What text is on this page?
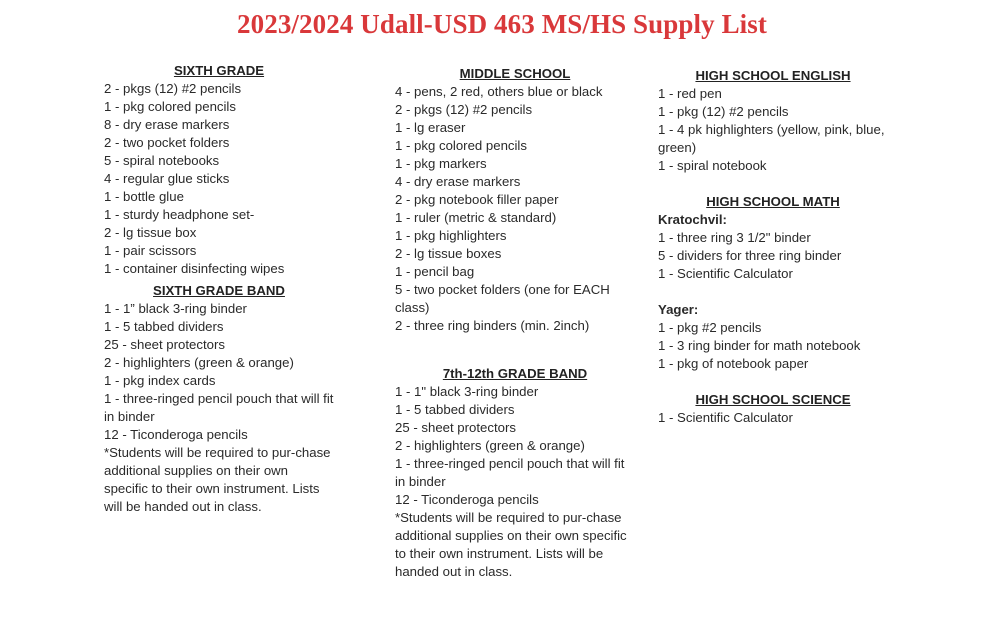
2023/2024 Udall-USD 463 MS/HS Supply List
SIXTH GRADE
2 - pkgs (12) #2 pencils
1 - pkg colored pencils
8 - dry erase markers
2 - two pocket folders
5 - spiral notebooks
4 - regular glue sticks
1 - bottle glue
1 - sturdy headphone set-
2 - lg tissue box
1 - pair scissors
1 - container disinfecting wipes
SIXTH GRADE BAND
1 - 1” black 3-ring binder
1 - 5 tabbed dividers
25 - sheet protectors
2 - highlighters (green & orange)
1 - pkg index cards
1 - three-ringed pencil pouch that will fit in binder
12 - Ticonderoga pencils
*Students will be required to pur-chase additional supplies on their own specific to their own instrument. Lists will be handed out in class.
MIDDLE SCHOOL
4 - pens, 2 red, others blue or black
2 - pkgs (12) #2 pencils
1 - lg eraser
1 - pkg colored pencils
1 - pkg markers
4 - dry erase markers
2 - pkg notebook filler paper
1 - ruler (metric & standard)
1 - pkg highlighters
2 - lg tissue boxes
1 - pencil bag
5 - two pocket folders (one for EACH class)
2 - three ring binders (min. 2inch)
7th-12th GRADE BAND
1 - 1" black 3-ring binder
1 - 5 tabbed dividers
25 - sheet protectors
2 - highlighters (green & orange)
1 - three-ringed pencil pouch that will fit in binder
12 - Ticonderoga pencils
*Students will be required to pur-chase additional supplies on their own specific to their own instrument. Lists will be handed out in class.
HIGH SCHOOL ENGLISH
1 - red pen
1 - pkg (12) #2 pencils
1 - 4 pk highlighters (yellow, pink, blue, green)
1 - spiral notebook
HIGH SCHOOL MATH
Kratochvil:
1 - three ring 3 1/2" binder
5 - dividers for three ring binder
1 - Scientific Calculator
Yager:
1 - pkg #2 pencils
1 - 3 ring binder for math notebook
1 - pkg of notebook paper
HIGH SCHOOL SCIENCE
1 - Scientific Calculator
